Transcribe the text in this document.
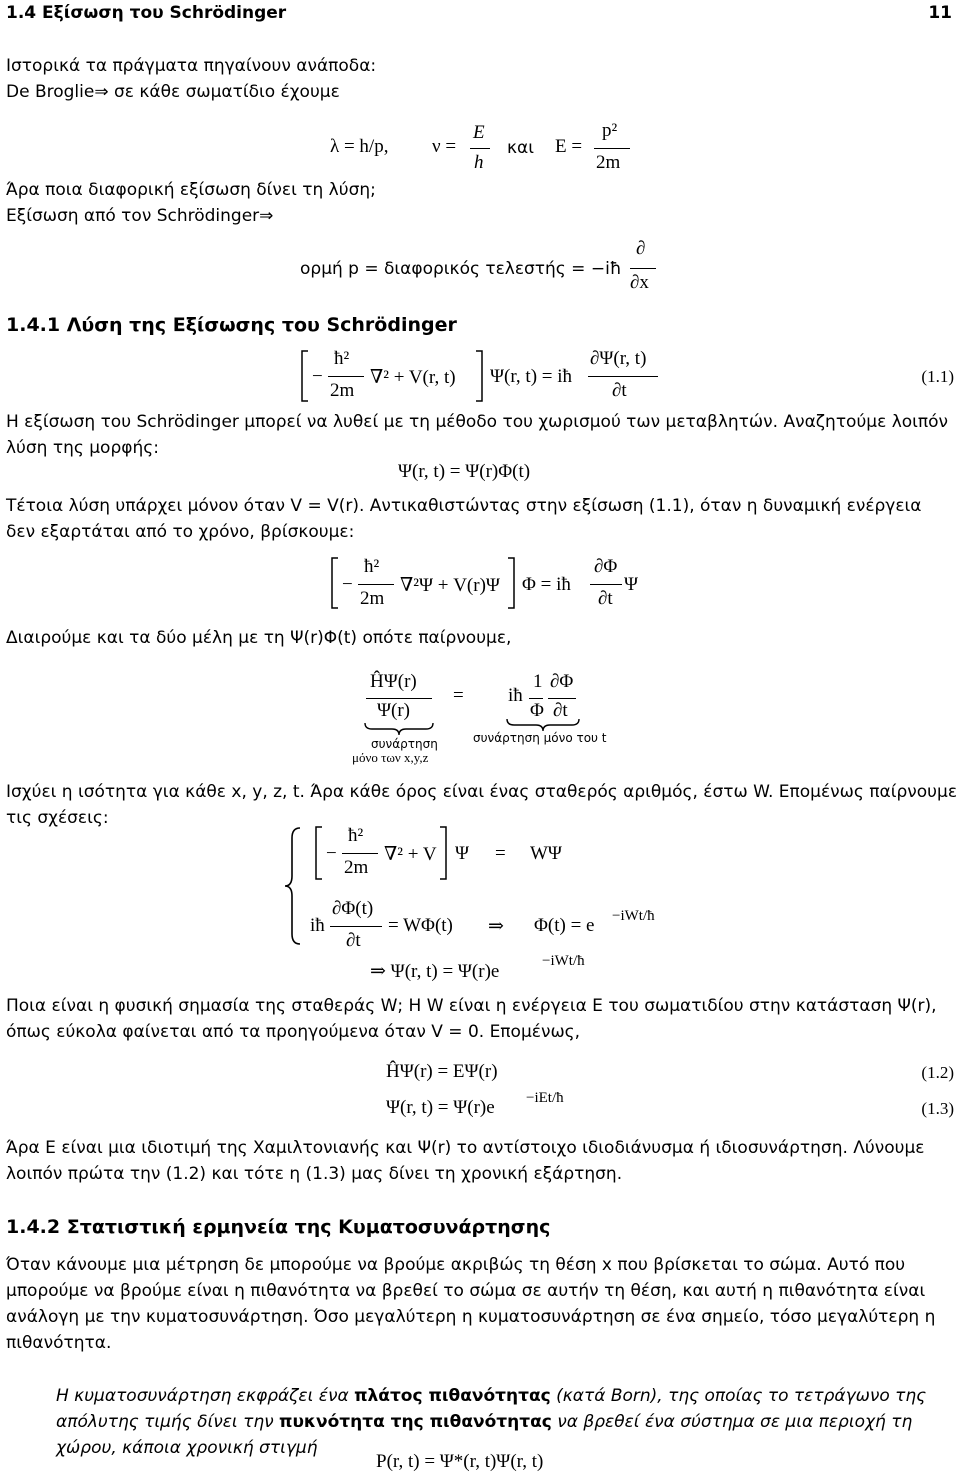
1.4 Εξίσωση του Schrödinger	11
Ιστορικά τα πράγματα πηγαίνουν ανάποδα:
De Broglie⇒ σε κάθε σωματίδιο έχουμε
λ = h/p, ν =
E
h
και E =
p²
2m
Άρα ποια διαφορική εξίσωση δίνει τη λύση;
Εξίσωση από τον Schrödinger⇒
ορμή p = διαφορικός τελεστής = −iħ
∂
∂x
1.4.1 Λύση της Εξίσωσης του Schrödinger
−
ħ²
2m
∇² + V(r, t) Ψ(r, t) = iħ
∂Ψ(r, t)
∂t
(1.1)
Η εξίσωση του Schrödinger μπορεί να λυθεί με τη μέθοδο του χωρισμού των μεταβλητών. Αναζητούμε λοιπόν
λύση της μορφής:
Ψ(r, t) = Ψ(r)Φ(t)
Τέτοια λύση υπάρχει μόνον όταν V = V(r). Αντικαθιστώντας στην εξίσωση (1.1), όταν η δυναμική ενέργεια
δεν εξαρτάται από το χρόνο, βρίσκουμε:
−
ħ²
2m
∇²Ψ + V(r)Ψ Φ = iħ
∂Φ
∂t
Ψ
Διαιρούμε και τα δύο μέλη με τη Ψ(r)Φ(t) οπότε παίρνουμε,
ĤΨ(r)
Ψ(r)
συνάρτηση
μόνο των x,y,z
= iħ
1
Φ
∂Φ
∂t
συνάρτηση μόνο του t
Ισχύει η ισότητα για κάθε x, y, z, t. Άρα κάθε όρος είναι ένας σταθερός αριθμός, έστω W. Επομένως παίρνουμε
τις σχέσεις:
−
ħ²
2m
∇² + V Ψ = WΨ
iħ
∂Φ(t)
∂t
= WΦ(t) ⇒ Φ(t) = e −iWt/ħ
⇒ Ψ(r, t) = Ψ(r)e	−iWt/ħ
Ποια είναι η φυσική σημασία της σταθεράς W; Η W είναι η ενέργεια E του σωματιδίου στην κατάσταση Ψ(r),
όπως εύκολα φαίνεται από τα προηγούμενα όταν V = 0. Επομένως,
ĤΨ(r) = EΨ(r)	(1.2)
Ψ(r, t) = Ψ(r)e −iEt/ħ
(1.3)
Άρα E είναι μια ιδιοτιμή της Χαμιλτονιανής και Ψ(r) το αντίστοιχο ιδιοδιάνυσμα ή ιδιοσυνάρτηση. Λύνουμε
λοιπόν πρώτα την (1.2) και τότε η (1.3) μας δίνει τη χρονική εξάρτηση.
1.4.2 Στατιστική ερμηνεία της Κυματοσυνάρτησης
Όταν κάνουμε μια μέτρηση δε μπορούμε να βρούμε ακριβώς τη θέση x που βρίσκεται το σώμα. Αυτό που
μπορούμε να βρούμε είναι η πιθανότητα να βρεθεί το σώμα σε αυτήν τη θέση, και αυτή η πιθανότητα είναι
ανάλογη με την κυματοσυνάρτηση. Όσο μεγαλύτερη η κυματοσυνάρτηση σε ένα σημείο, τόσο μεγαλύτερη η
πιθανότητα.
Η κυματοσυνάρτηση εκφράζει ένα πλάτος πιθανότητας (κατά Born), της οποίας το τετράγωνο της
απόλυτης τιμής δίνει την πυκνότητα της πιθανότητας να βρεθεί ένα σύστημα σε μια περιοχή τη
χώρου, κάποια χρονική στιγμή
P(r, t) = Ψ*(r, t)Ψ(r, t)
